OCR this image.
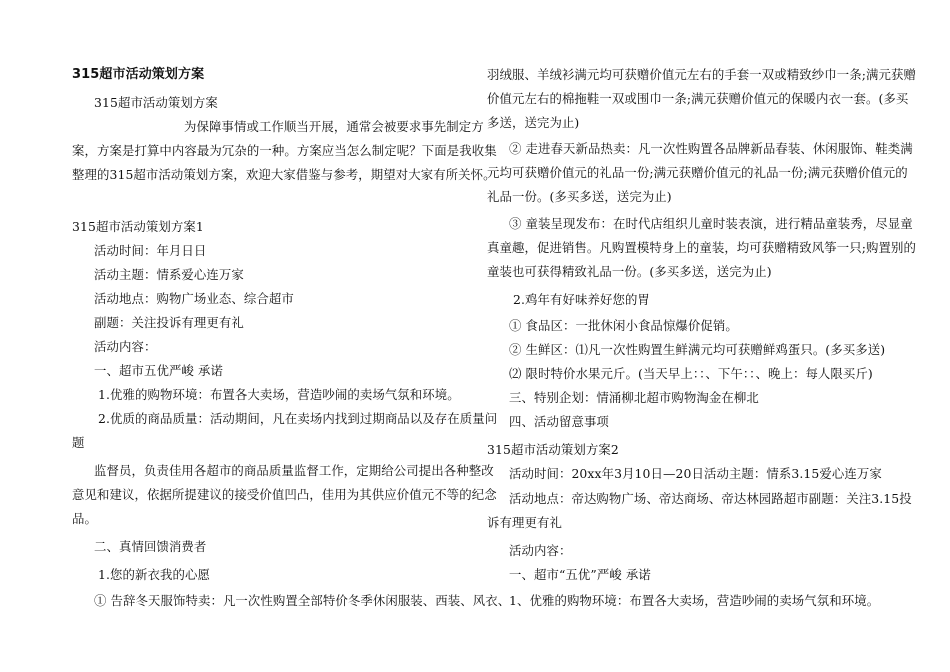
315超市活动策划方案
315超市活动策划方案
为保障事情或工作顺当开展，通常会被要求事先制定方
案，方案是打算中内容最为冗杂的一种。方案应当怎么制定呢？下面是我收集
整理的315超市活动策划方案，欢迎大家借鉴与参考，期望对大家有所关怀。
315超市活动策划方案1
活动时间：年月日日
活动主题：情系爱心连万家
活动地点：购物广场业态、综合超市
副题：关注投诉有理更有礼
活动内容：
一、超市五优严峻 承诺
1.优雅的购物环境：布置各大卖场，营造吵闹的卖场气氛和环境。
2.优质的商品质量：活动期间，凡在卖场内找到过期商品以及存在质量问
题
监督员，负责佳用各超市的商品质量监督工作，定期给公司提出各种整改
意见和建议，依据所提建议的接受价值凹凸，佳用为其供应价值元不等的纪念
品。
二、真情回馈消费者
1.您的新衣我的心愿
① 告辞冬天服饰特卖：凡一次性购置全部特价冬季休闲服装、西装、风衣、
羽绒服、羊绒衫满元均可获赠价值元左右的手套一双或精致纱巾一条;满元获赠
价值元左右的棉拖鞋一双或围巾一条;满元获赠价值元的保暖内衣一套。(多买
多送，送完为止)
② 走进春天新品热卖：凡一次性购置各品牌新品春装、休闲服饰、鞋类满
元均可获赠价值元的礼品一份;满元获赠价值元的礼品一份;满元获赠价值元的
礼品一份。(多买多送，送完为止)
③ 童装呈现发布：在时代店组织儿童时装表演，进行精品童装秀，尽显童
真童趣，促进销售。凡购置模特身上的童装，均可获赠精致风筝一只;购置别的
童装也可获得精致礼品一份。(多买多送，送完为止)
2.鸡年有好味养好您的胃
① 食品区：一批休闲小食品惊爆价促销。
② 生鲜区：⑴凡一次性购置生鲜满元均可获赠鲜鸡蛋只。(多买多送)
⑵ 限时特价水果元斤。(当天早上：：、下午：：、晚上：每人限买斤)
三、特别企划：情涌柳北超市购物淘金在柳北
四、活动留意事项
315超市活动策划方案2
活动时间：20xx年3月10日—20日活动主题：情系3.15爱心连万家
活动地点：帝达购物广场、帝达商场、帝达林园路超市副题：关注3.15投
诉有理更有礼
活动内容：
一、超市“五优”严峻 承诺
1、优雅的购物环境：布置各大卖场，营造吵闹的卖场气氛和环境。
